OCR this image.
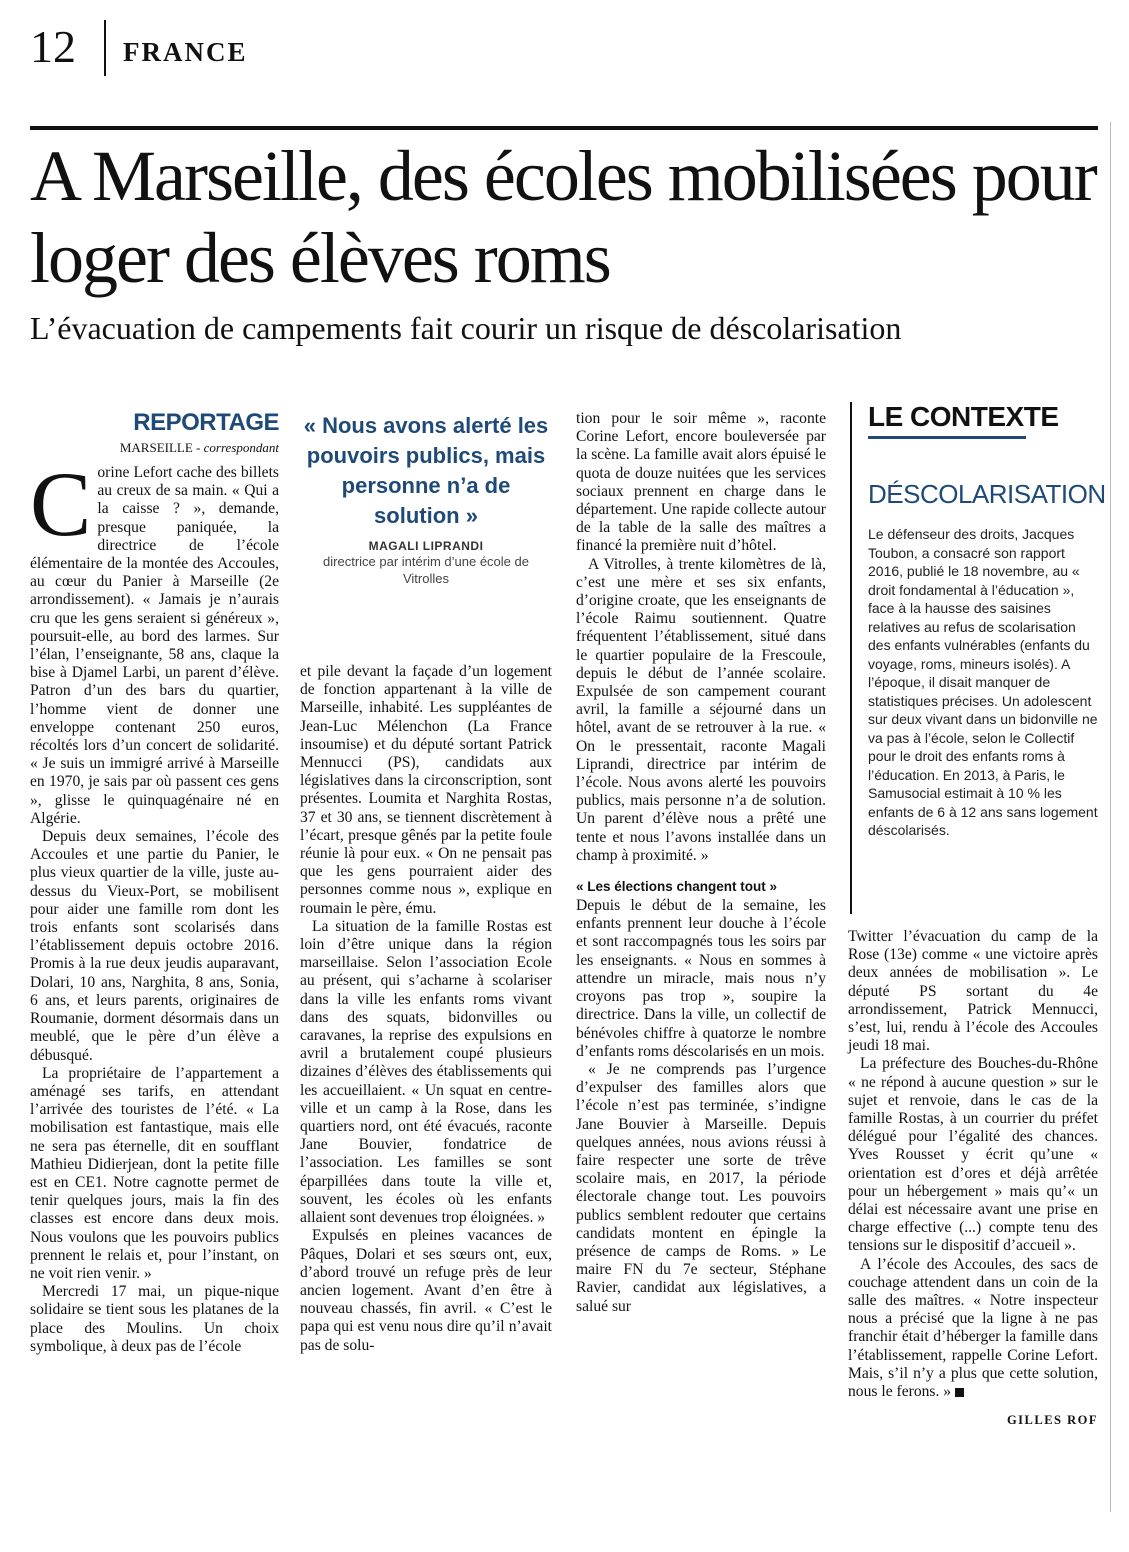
12 FRANCE
A Marseille, des écoles mobilisées pour loger des élèves roms
L’évacuation de campements fait courir un risque de déscolarisation
REPORTAGE
MARSEILLE - correspondant
C orine Lefort cache des billets au creux de sa main. « Qui a la caisse ? », demande, presque paniquée, la directrice de l’école élémentaire de la montée des Accoules, au cœur du Panier à Marseille (2e arrondissement). « Jamais je n’aurais cru que les gens seraient si généreux », poursuit-elle, au bord des larmes. Sur l’élan, l’enseignante, 58 ans, claque la bise à Djamel Larbi, un parent d’élève. Patron d’un des bars du quartier, l’homme vient de donner une enveloppe contenant 250 euros, récoltés lors d’un concert de solidarité. « Je suis un immigré arrivé à Marseille en 1970, je sais par où passent ces gens », glisse le quinquagénaire né en Algérie.

Depuis deux semaines, l’école des Accoules et une partie du Panier, le plus vieux quartier de la ville, juste au-dessus du Vieux-Port, se mobilisent pour aider une famille rom dont les trois enfants sont scolarisés dans l’établissement depuis octobre 2016. Promis à la rue deux jeudis auparavant, Dolari, 10 ans, Narghita, 8 ans, Sonia, 6 ans, et leurs parents, originaires de Roumanie, dorment désormais dans un meublé, que le père d’un élève a débusqué.

La propriétaire de l’appartement a aménagé ses tarifs, en attendant l’arrivée des touristes de l’été. « La mobilisation est fantastique, mais elle ne sera pas éternelle, dit en soufflant Mathieu Didierjean, dont la petite fille est en CE1. Notre cagnotte permet de tenir quelques jours, mais la fin des classes est encore dans deux mois. Nous voulons que les pouvoirs publics prennent le relais et, pour l’instant, on ne voit rien venir. »

Mercredi 17 mai, un pique-nique solidaire se tient sous les platanes de la place des Moulins. Un choix symbolique, à deux pas de l’école

« Nous avons alerté les pouvoirs publics, mais personne n’a de solution »
MAGALI LIPRANDI
directrice par intérim d’une école de Vitrolles

et pile devant la façade d’un logement de fonction appartenant à la ville de Marseille, inhabité. Les suppléantes de Jean-Luc Mélenchon (La France insoumise) et du député sortant Patrick Mennucci (PS), candidats aux législatives dans la circonscription, sont présentes. Loumita et Narghita Rostas, 37 et 30 ans, se tiennent discrètement à l’écart, presque gênés par la petite foule réunie là pour eux. « On ne pensait pas que les gens pourraient aider des personnes comme nous », explique en roumain le père, ému.

La situation de la famille Rostas est loin d’être unique dans la région marseillaise. Selon l’association Ecole au présent, qui s’acharne à scolariser dans la ville les enfants roms vivant dans des squats, bidonvilles ou caravanes, la reprise des expulsions en avril a brutalement coupé plusieurs dizaines d’élèves des établissements qui les accueillaient. « Un squat en centre-ville et un camp à la Rose, dans les quartiers nord, ont été évacués, raconte Jane Bouvier, fondatrice de l’association. Les familles se sont éparpillées dans toute la ville et, souvent, les écoles où les enfants allaient sont devenues trop éloignées. »

Expulsés en pleines vacances de Pâques, Dolari et ses sœurs ont, eux, d’abord trouvé un refuge près de leur ancien logement. Avant d’en être à nouveau chassés, fin avril. « C’est le papa qui est venu nous dire qu’il n’avait pas de solu-

tion pour le soir même », raconte Corine Lefort, encore bouleversée par la scène. La famille avait alors épuisé le quota de douze nuitées que les services sociaux prennent en charge dans le département. Une rapide collecte autour de la table de la salle des maîtres a financé la première nuit d’hôtel.

A Vitrolles, à trente kilomètres de là, c’est une mère et ses six enfants, d’origine croate, que les enseignants de l’école Raimu soutiennent. Quatre fréquentent l’établissement, situé dans le quartier populaire de la Frescoule, depuis le début de l’année scolaire. Expulsée de son campement courant avril, la famille a séjourné dans un hôtel, avant de se retrouver à la rue. « On le pressentait, raconte Magali Liprandi, directrice par intérim de l’école. Nous avons alerté les pouvoirs publics, mais personne n’a de solution. Un parent d’élève nous a prêté une tente et nous l’avons installée dans un champ à proximité. »

« Les élections changent tout »

Depuis le début de la semaine, les enfants prennent leur douche à l’école et sont raccompagnés tous les soirs par les enseignants. « Nous en sommes à attendre un miracle, mais nous n’y croyons pas trop », soupire la directrice. Dans la ville, un collectif de bénévoles chiffre à quatorze le nombre d’enfants roms déscolarisés en un mois.

« Je ne comprends pas l’urgence d’expulser des familles alors que l’école n’est pas terminée, s’indigne Jane Bouvier à Marseille. Depuis quelques années, nous avions réussi à faire respecter une sorte de trêve scolaire mais, en 2017, la période électorale change tout. Les pouvoirs publics semblent redouter que certains candidats montent en épingle la présence de camps de Roms. » Le maire FN du 7e secteur, Stéphane Ravier, candidat aux législatives, a salué sur

LE CONTEXTE
DÉSCOLARISATION
Le défenseur des droits, Jacques Toubon, a consacré son rapport 2016, publié le 18 novembre, au « droit fondamental à l’éducation », face à la hausse des saisines relatives au refus de scolarisation des enfants vulnérables (enfants du voyage, roms, mineurs isolés). A l’époque, il disait manquer de statistiques précises. Un adolescent sur deux vivant dans un bidonville ne va pas à l’école, selon le Collectif pour le droit des enfants roms à l’éducation. En 2013, à Paris, le Samusocial estimait à 10 % les enfants de 6 à 12 ans sans logement déscolarisés.

Twitter l’évacuation du camp de la Rose (13e) comme « une victoire après deux années de mobilisation ». Le député PS sortant du 4e arrondissement, Patrick Mennucci, s’est, lui, rendu à l’école des Accoules jeudi 18 mai.

La préfecture des Bouches-du-Rhône « ne répond à aucune question » sur le sujet et renvoie, dans le cas de la famille Rostas, à un courrier du préfet délégué pour l’égalité des chances. Yves Rousset y écrit qu’une « orientation est d’ores et déjà arrêtée pour un hébergement » mais qu’« un délai est nécessaire avant une prise en charge effective (...) compte tenu des tensions sur le dispositif d’accueil ».

A l’école des Accoules, des sacs de couchage attendent dans un coin de la salle des maîtres. « Notre inspecteur nous a précisé que la ligne à ne pas franchir était d’héberger la famille dans l’établissement, rappelle Corine Lefort. Mais, s’il n’y a plus que cette solution, nous le ferons. »

GILLES ROF
